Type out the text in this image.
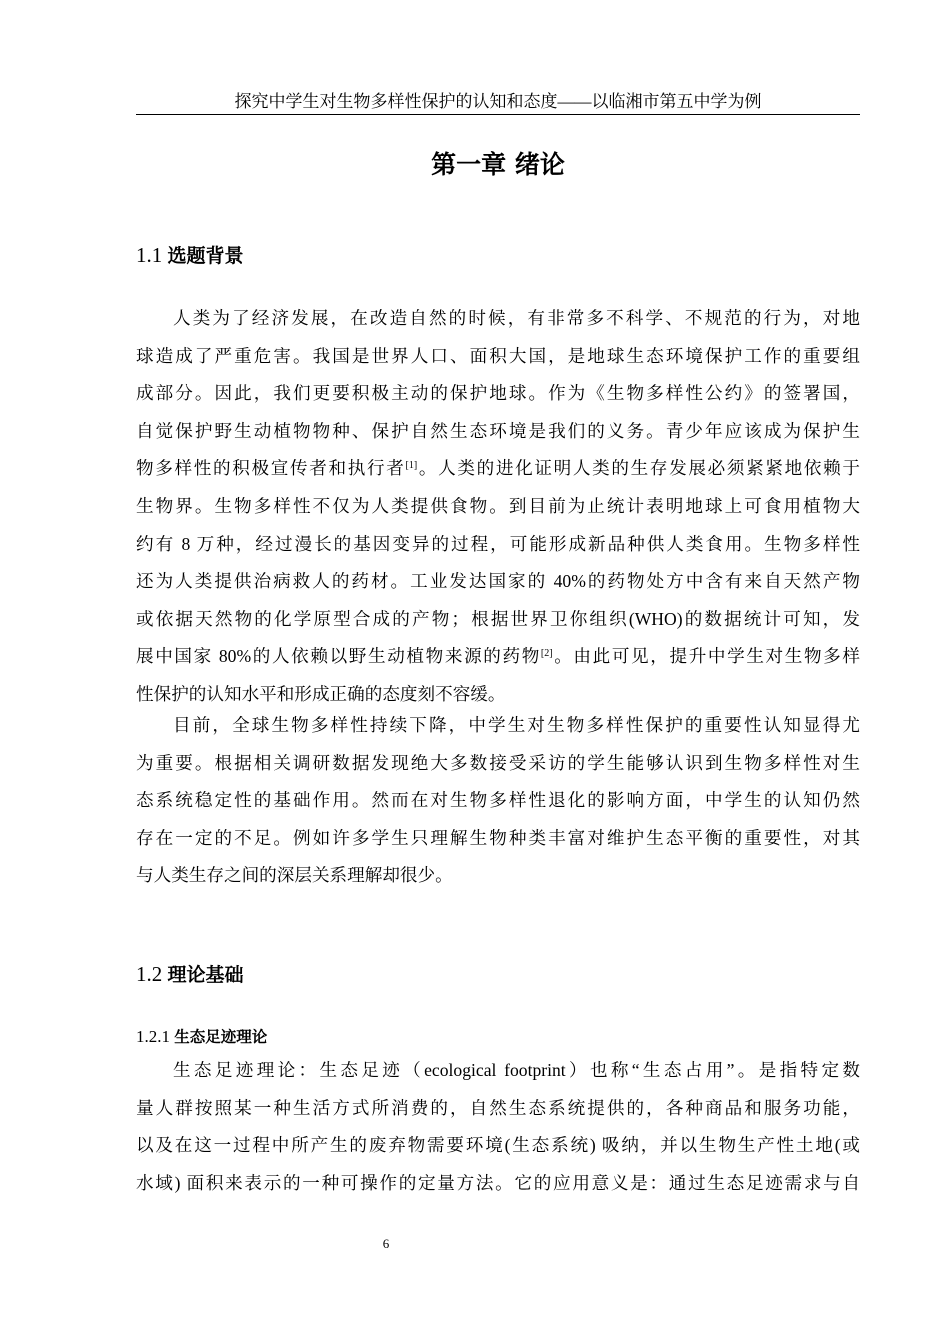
探究中学生对生物多样性保护的认知和态度——以临湘市第五中学为例
第一章 绪论
1.1 选题背景

人类为了经济发展，在改造自然的时候，有非常多不科学、不规范的行为，对地
球造成了严重危害。我国是世界人口、面积大国，是地球生态环境保护工作的重要组
成部分。因此，我们更要积极主动的保护地球。作为《生物多样性公约》的签署国，
自觉保护野生动植物物种、保护自然生态环境是我们的义务。青少年应该成为保护生
物多样性的积极宣传者和执行者[1]。人类的进化证明人类的生存发展必须紧紧地依赖于
生物界。生物多样性不仅为人类提供食物。到目前为止统计表明地球上可食用植物大
约有 8 万种，经过漫长的基因变异的过程，可能形成新品种供人类食用。生物多样性
还为人类提供治病救人的药材。工业发达国家的 40%的药物处方中含有来自天然产物
或依据天然物的化学原型合成的产物；根据世界卫你组织(WHO)的数据统计可知，发
展中国家 80%的人依赖以野生动植物来源的药物[2]。由此可见，提升中学生对生物多样
性保护的认知水平和形成正确的态度刻不容缓。

目前，全球生物多样性持续下降，中学生对生物多样性保护的重要性认知显得尤
为重要。根据相关调研数据发现绝大多数接受采访的学生能够认识到生物多样性对生
态系统稳定性的基础作用。然而在对生物多样性退化的影响方面，中学生的认知仍然
存在一定的不足。例如许多学生只理解生物种类丰富对维护生态平衡的重要性，对其
与人类生存之间的深层关系理解却很少。

1.2 理论基础
1.2.1 生态足迹理论

生态足迹理论：生态足迹（ecological footprint）也称“生态占用”。是指特定数
量人群按照某一种生活方式所消费的，自然生态系统提供的，各种商品和服务功能，
以及在这一过程中所产生的废弃物需要环境(生态系统) 吸纳，并以生物生产性土地(或
水域) 面积来表示的一种可操作的定量方法。它的应用意义是：通过生态足迹需求与自

6
